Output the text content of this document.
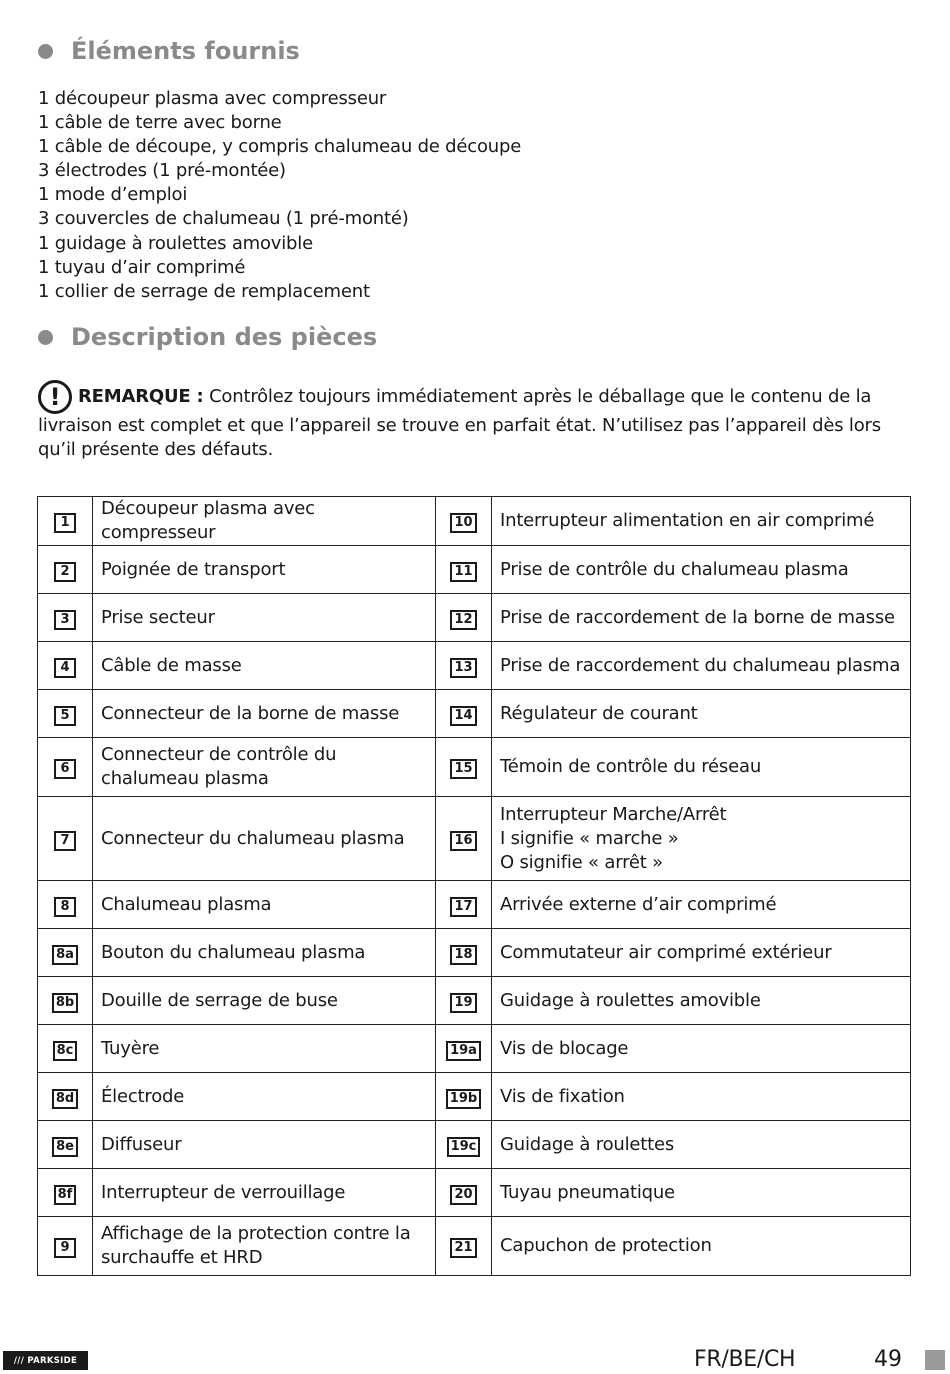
Éléments fournis
1 découpeur plasma avec compresseur
1 câble de terre avec borne
1 câble de découpe, y compris chalumeau de découpe
3 électrodes (1 pré-montée)
1 mode d’emploi
3 couvercles de chalumeau (1 pré-monté)
1 guidage à roulettes amovible
1 tuyau d’air comprimé
1 collier de serrage de remplacement
Description des pièces
! REMARQUE : Contrôlez toujours immédiatement après le déballage que le contenu de la livraison est complet et que l’appareil se trouve en parfait état. N’utilisez pas l’appareil dès lors qu’il présente des défauts.
1	Découpeur plasma avec compresseur	10	Interrupteur alimentation en air comprimé
2	Poignée de transport	11	Prise de contrôle du chalumeau plasma
3	Prise secteur	12	Prise de raccordement de la borne de masse
4	Câble de masse	13	Prise de raccordement du chalumeau plasma
5	Connecteur de la borne de masse	14	Régulateur de courant
6	Connecteur de contrôle du chalumeau plasma	15	Témoin de contrôle du réseau
7	Connecteur du chalumeau plasma	16	Interrupteur Marche/Arrêt
I signifie « marche »
O signifie « arrêt »
8	Chalumeau plasma	17	Arrivée externe d’air comprimé
8a	Bouton du chalumeau plasma	18	Commutateur air comprimé extérieur
8b	Douille de serrage de buse	19	Guidage à roulettes amovible
8c	Tuyère	19a	Vis de blocage
8d	Électrode	19b	Vis de fixation
8e	Diffuseur	19c	Guidage à roulettes
8f	Interrupteur de verrouillage	20	Tuyau pneumatique
9	Affichage de la protection contre la surchauffe et HRD	21	Capuchon de protection
/// PARKSIDE	FR/BE/CH	49
